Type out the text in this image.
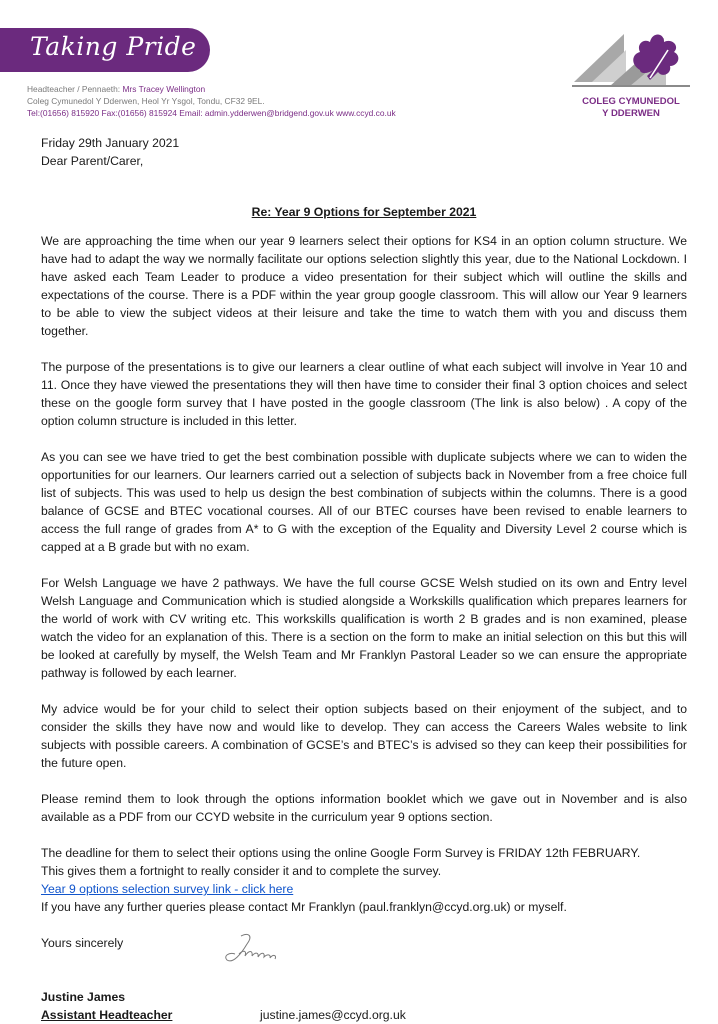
Taking Pride
Headteacher / Pennaeth: Mrs Tracey Wellington
Coleg Cymunedol Y Dderwen, Heol Yr Ysgol, Tondu, CF32 9EL.
Tel:(01656) 815920 Fax:(01656) 815924 Email: admin.ydderwen@bridgend.gov.uk www.ccyd.co.uk
COLEG CYMUNEDOL
Y DDERWEN

Friday 29th January 2021

Dear Parent/Carer,

Re: Year 9 Options for September 2021

We are approaching the time when our year 9 learners select their options for KS4 in an option column structure. We have had to adapt the way we normally facilitate our options selection slightly this year, due to the National Lockdown. I have asked each Team Leader to produce a video presentation for their subject which will outline the skills and expectations of the course. There is a PDF within the year group google classroom. This will allow our Year 9 learners to be able to view the subject videos at their leisure and take the time to watch them with you and discuss them together.

The purpose of the presentations is to give our learners a clear outline of what each subject will involve in Year 10 and 11. Once they have viewed the presentations they will then have time to consider their final 3 option choices and select these on the google form survey that I have posted in the google classroom (The link is also below) . A copy of the option column structure is included in this letter.

As you can see we have tried to get the best combination possible with duplicate subjects where we can to widen the opportunities for our learners. Our learners carried out a selection of subjects back in November from a free choice full list of subjects. This was used to help us design the best combination of subjects within the columns. There is a good balance of GCSE and BTEC vocational courses. All of our BTEC courses have been revised to enable learners to access the full range of grades from A* to G with the exception of the Equality and Diversity Level 2 course which is capped at a B grade but with no exam.

For Welsh Language we have 2 pathways. We have the full course GCSE Welsh studied on its own and Entry level Welsh Language and Communication which is studied alongside a Workskills qualification which prepares learners for the world of work with CV writing etc. This workskills qualification is worth 2 B grades and is non examined, please watch the video for an explanation of this. There is a section on the form to make an initial selection on this but this will be looked at carefully by myself, the Welsh Team and Mr Franklyn Pastoral Leader so we can ensure the appropriate pathway is followed by each learner.

My advice would be for your child to select their option subjects based on their enjoyment of the subject, and to consider the skills they have now and would like to develop. They can access the Careers Wales website to link subjects with possible careers. A combination of GCSE’s and BTEC’s is advised so they can keep their possibilities for the future open.

Please remind them to look through the options information booklet which we gave out in November and is also available as a PDF from our CCYD website in the curriculum year 9 options section.

The deadline for them to select their options using the online Google Form Survey is FRIDAY 12th FEBRUARY.

This gives them a fortnight to really consider it and to complete the survey.

Year 9 options selection survey link - click here

If you have any further queries please contact Mr Franklyn (paul.franklyn@ccyd.org.uk) or myself.

Yours sincerely

Justine James

Assistant Headteacher	justine.james@ccyd.org.uk
